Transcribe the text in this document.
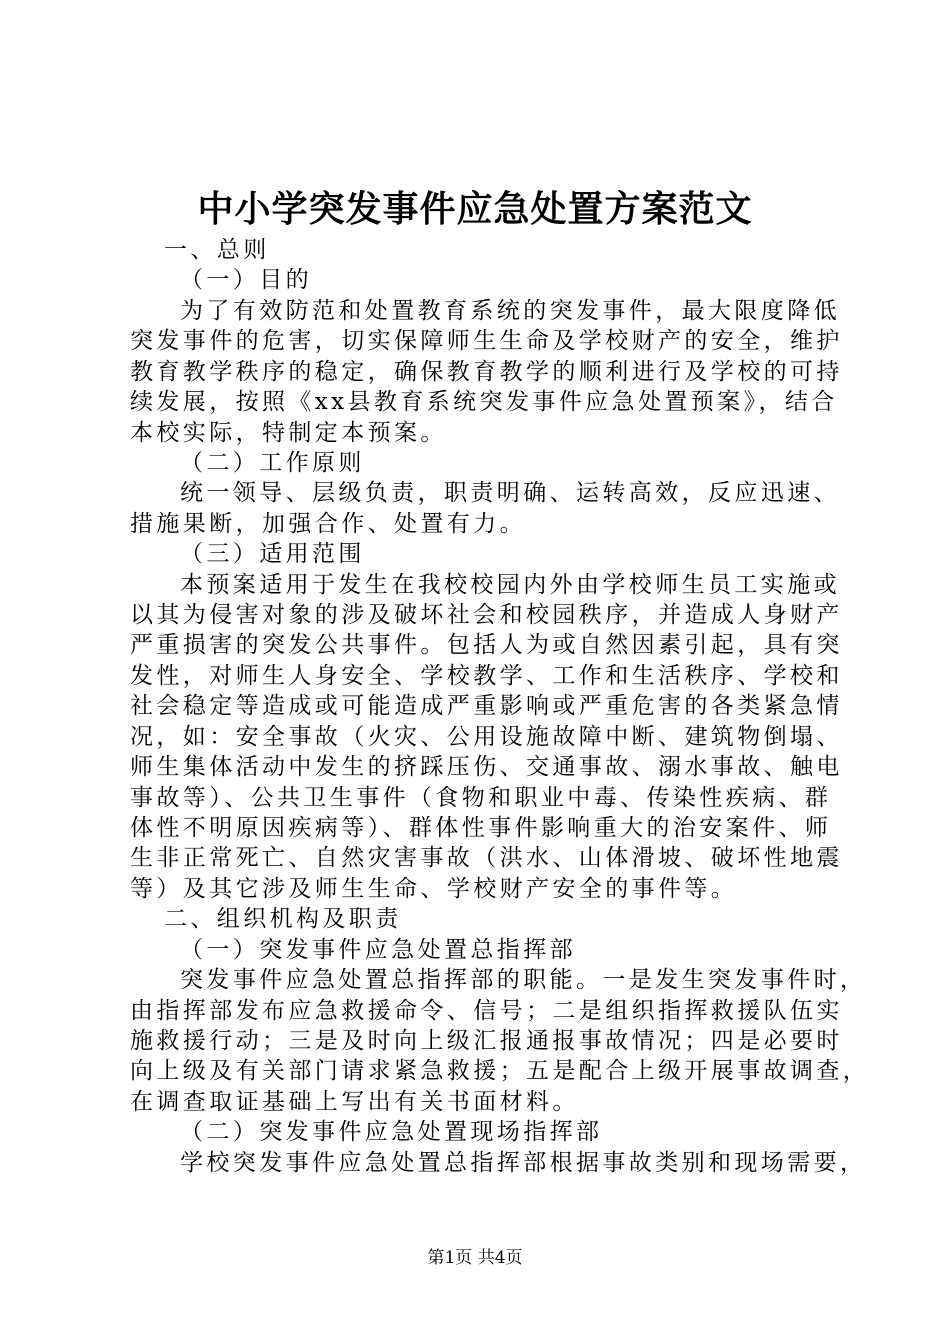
中小学突发事件应急处置方案范文
一、总则
（一）目的
为了有效防范和处置教育系统的突发事件，最大限度降低
突发事件的危害，切实保障师生生命及学校财产的安全，维护
教育教学秩序的稳定，确保教育教学的顺利进行及学校的可持
续发展，按照《xx县教育系统突发事件应急处置预案》，结合
本校实际，特制定本预案。
（二）工作原则
统一领导、层级负责，职责明确、运转高效，反应迅速、
措施果断，加强合作、处置有力。
（三）适用范围
本预案适用于发生在我校校园内外由学校师生员工实施或
以其为侵害对象的涉及破坏社会和校园秩序，并造成人身财产
严重损害的突发公共事件。包括人为或自然因素引起，具有突
发性，对师生人身安全、学校教学、工作和生活秩序、学校和
社会稳定等造成或可能造成严重影响或严重危害的各类紧急情
况，如：安全事故（火灾、公用设施故障中断、建筑物倒塌、
师生集体活动中发生的挤踩压伤、交通事故、溺水事故、触电
事故等）、公共卫生事件（食物和职业中毒、传染性疾病、群
体性不明原因疾病等）、群体性事件影响重大的治安案件、师
生非正常死亡、自然灾害事故（洪水、山体滑坡、破坏性地震
等）及其它涉及师生生命、学校财产安全的事件等。
二、组织机构及职责
（一）突发事件应急处置总指挥部
突发事件应急处置总指挥部的职能。一是发生突发事件时，
由指挥部发布应急救援命令、信号；二是组织指挥救援队伍实
施救援行动；三是及时向上级汇报通报事故情况；四是必要时
向上级及有关部门请求紧急救援；五是配合上级开展事故调查，
在调查取证基础上写出有关书面材料。
（二）突发事件应急处置现场指挥部
学校突发事件应急处置总指挥部根据事故类别和现场需要，
第1页 共4页
